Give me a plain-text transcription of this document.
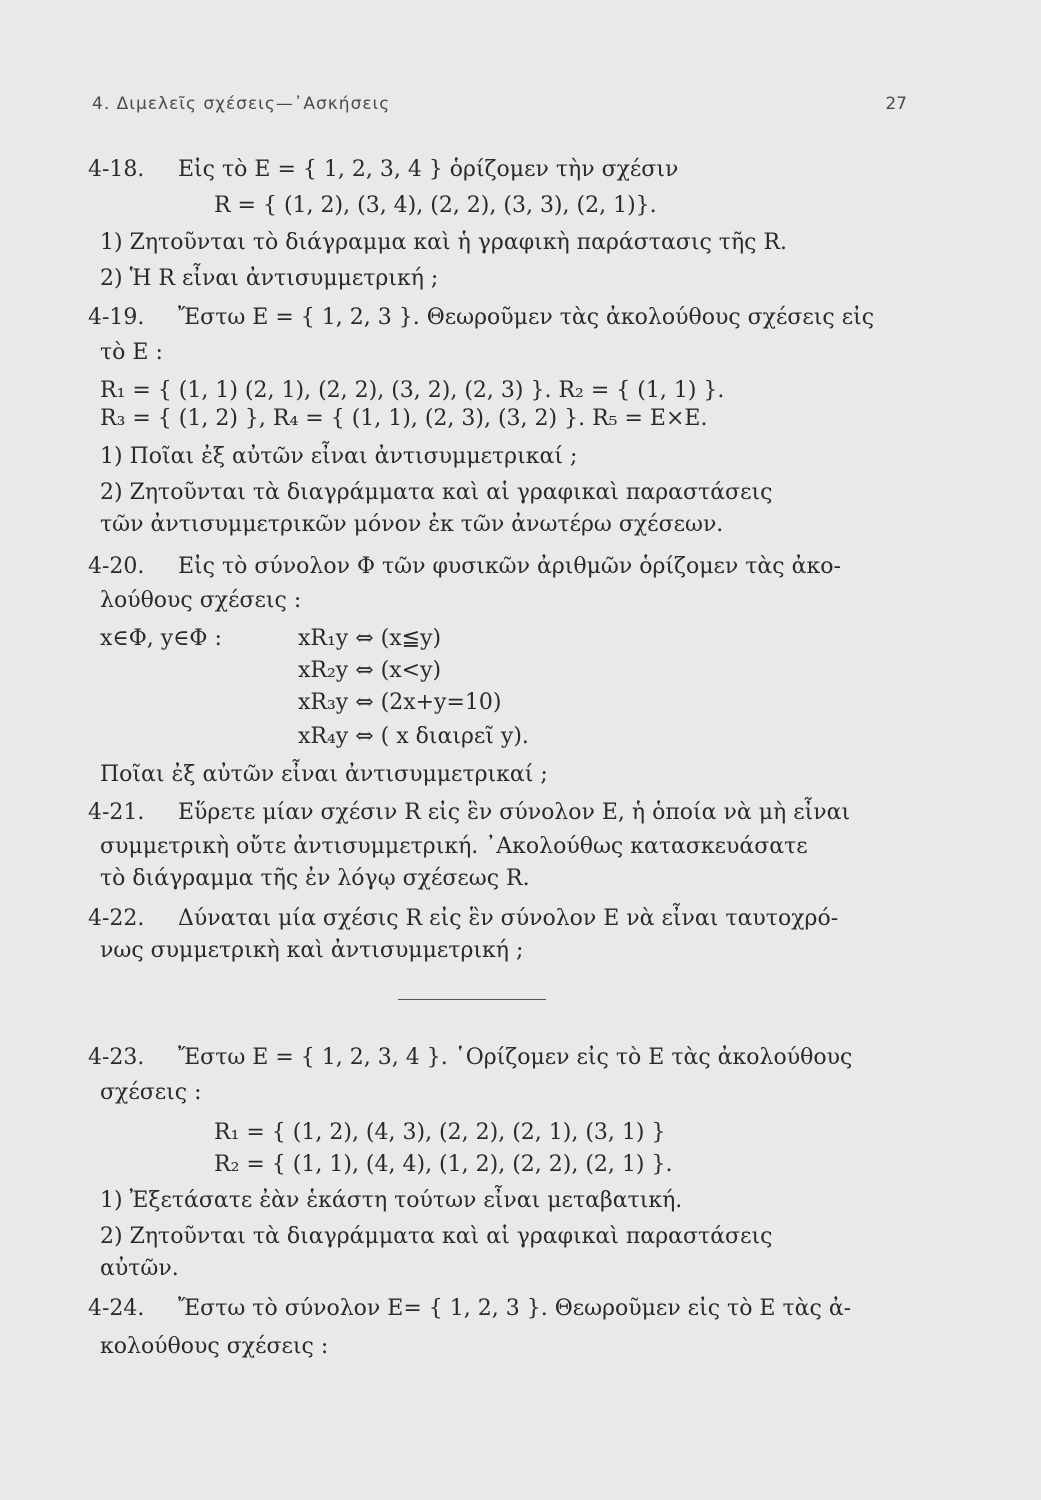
4. Διμελεῖς σχέσεις—᾿Ασκήσεις	27
4-18. Εἰς τὸ E = { 1, 2, 3, 4 } ὁρίζομεν τὴν σχέσιν
R = { (1, 2), (3, 4), (2, 2), (3, 3), (2, 1)}.
1) Ζητοῦνται τὸ διάγραμμα καὶ ἡ γραφικὴ παράστασις τῆς R.
2) Ἡ R εἶναι ἀντισυμμετρική ;
4-19. Ἔστω E = { 1, 2, 3 }. Θεωροῦμεν τὰς ἀκολούθους σχέσεις εἰς
τὸ E :
R₁ = { (1, 1) (2, 1), (2, 2), (3, 2), (2, 3) }. R₂ = { (1, 1) }.
R₃ = { (1, 2) }, R₄ = { (1, 1), (2, 3), (3, 2) }. R₅ = E×E.
1) Ποῖαι ἐξ αὐτῶν εἶναι ἀντισυμμετρικαί ;
2) Ζητοῦνται τὰ διαγράμματα καὶ αἱ γραφικαὶ παραστάσεις
τῶν ἀντισυμμετρικῶν μόνον ἐκ τῶν ἀνωτέρω σχέσεων.
4-20. Εἰς τὸ σύνολον Φ τῶν φυσικῶν ἀριθμῶν ὁρίζομεν τὰς ἀκο-
λούθους σχέσεις :
x∈Φ, y∈Φ :	xR₁y ⇔ (x≦y)
xR₂y ⇔ (x<y)
xR₃y ⇔ (2x+y=10)
xR₄y ⇔ ( x διαιρεῖ y).
Ποῖαι ἐξ αὐτῶν εἶναι ἀντισυμμετρικαί ;
4-21. Εὕρετε μίαν σχέσιν R εἰς ἓν σύνολον E, ἡ ὁποία νὰ μὴ εἶναι
συμμετρικὴ οὔτε ἀντισυμμετρική. ᾿Ακολούθως κατασκευάσατε
τὸ διάγραμμα τῆς ἐν λόγῳ σχέσεως R.
4-22. Δύναται μία σχέσις R εἰς ἓν σύνολον E νὰ εἶναι ταυτοχρό-
νως συμμετρικὴ καὶ ἀντισυμμετρική ;
4-23. Ἔστω E = { 1, 2, 3, 4 }. ῾Ορίζομεν εἰς τὸ E τὰς ἀκολούθους
σχέσεις :
R₁ = { (1, 2), (4, 3), (2, 2), (2, 1), (3, 1) }
R₂ = { (1, 1), (4, 4), (1, 2), (2, 2), (2, 1) }.
1) Ἐξετάσατε ἐὰν ἑκάστη τούτων εἶναι μεταβατική.
2) Ζητοῦνται τὰ διαγράμματα καὶ αἱ γραφικαὶ παραστάσεις
αὐτῶν.
4-24. Ἔστω τὸ σύνολον E= { 1, 2, 3 }. Θεωροῦμεν εἰς τὸ E τὰς ἀ-
κολούθους σχέσεις :
